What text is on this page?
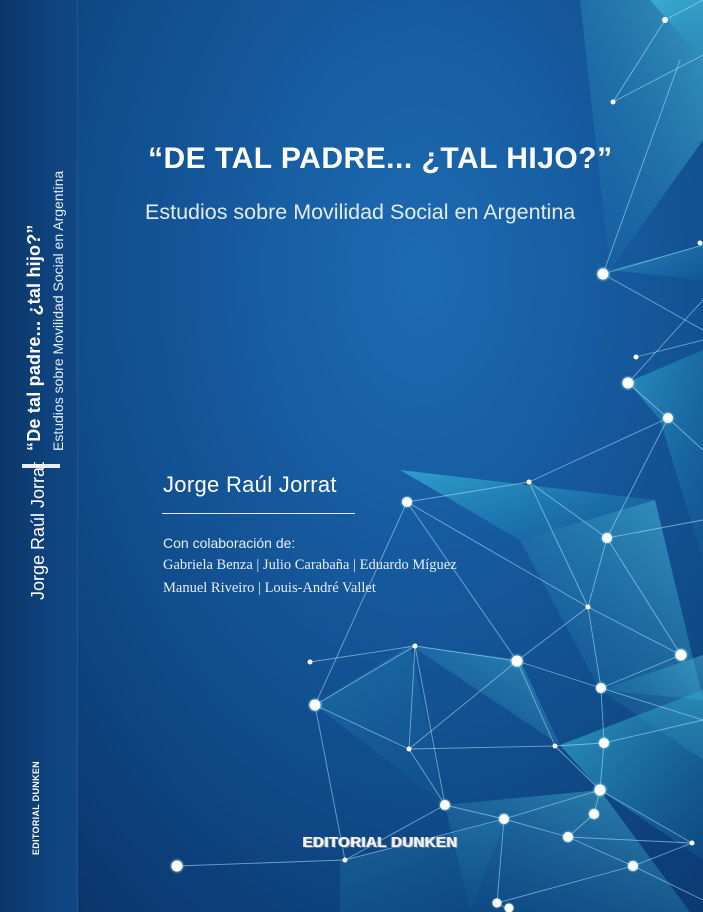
“De tal padre... ¿tal hijo?” Estudios sobre Movilidad Social en Argentina
Jorge Raúl Jorrat
EDITORIAL DUNKEN
“DE TAL PADRE... ¿TAL HIJO?”
Estudios sobre Movilidad Social en Argentina
Jorge Raúl Jorrat
Con colaboración de:
Gabriela Benza | Julio Carabaña | Eduardo Míguez
Manuel Riveiro | Louis-André Vallet
EDITORIAL DUNKEN
